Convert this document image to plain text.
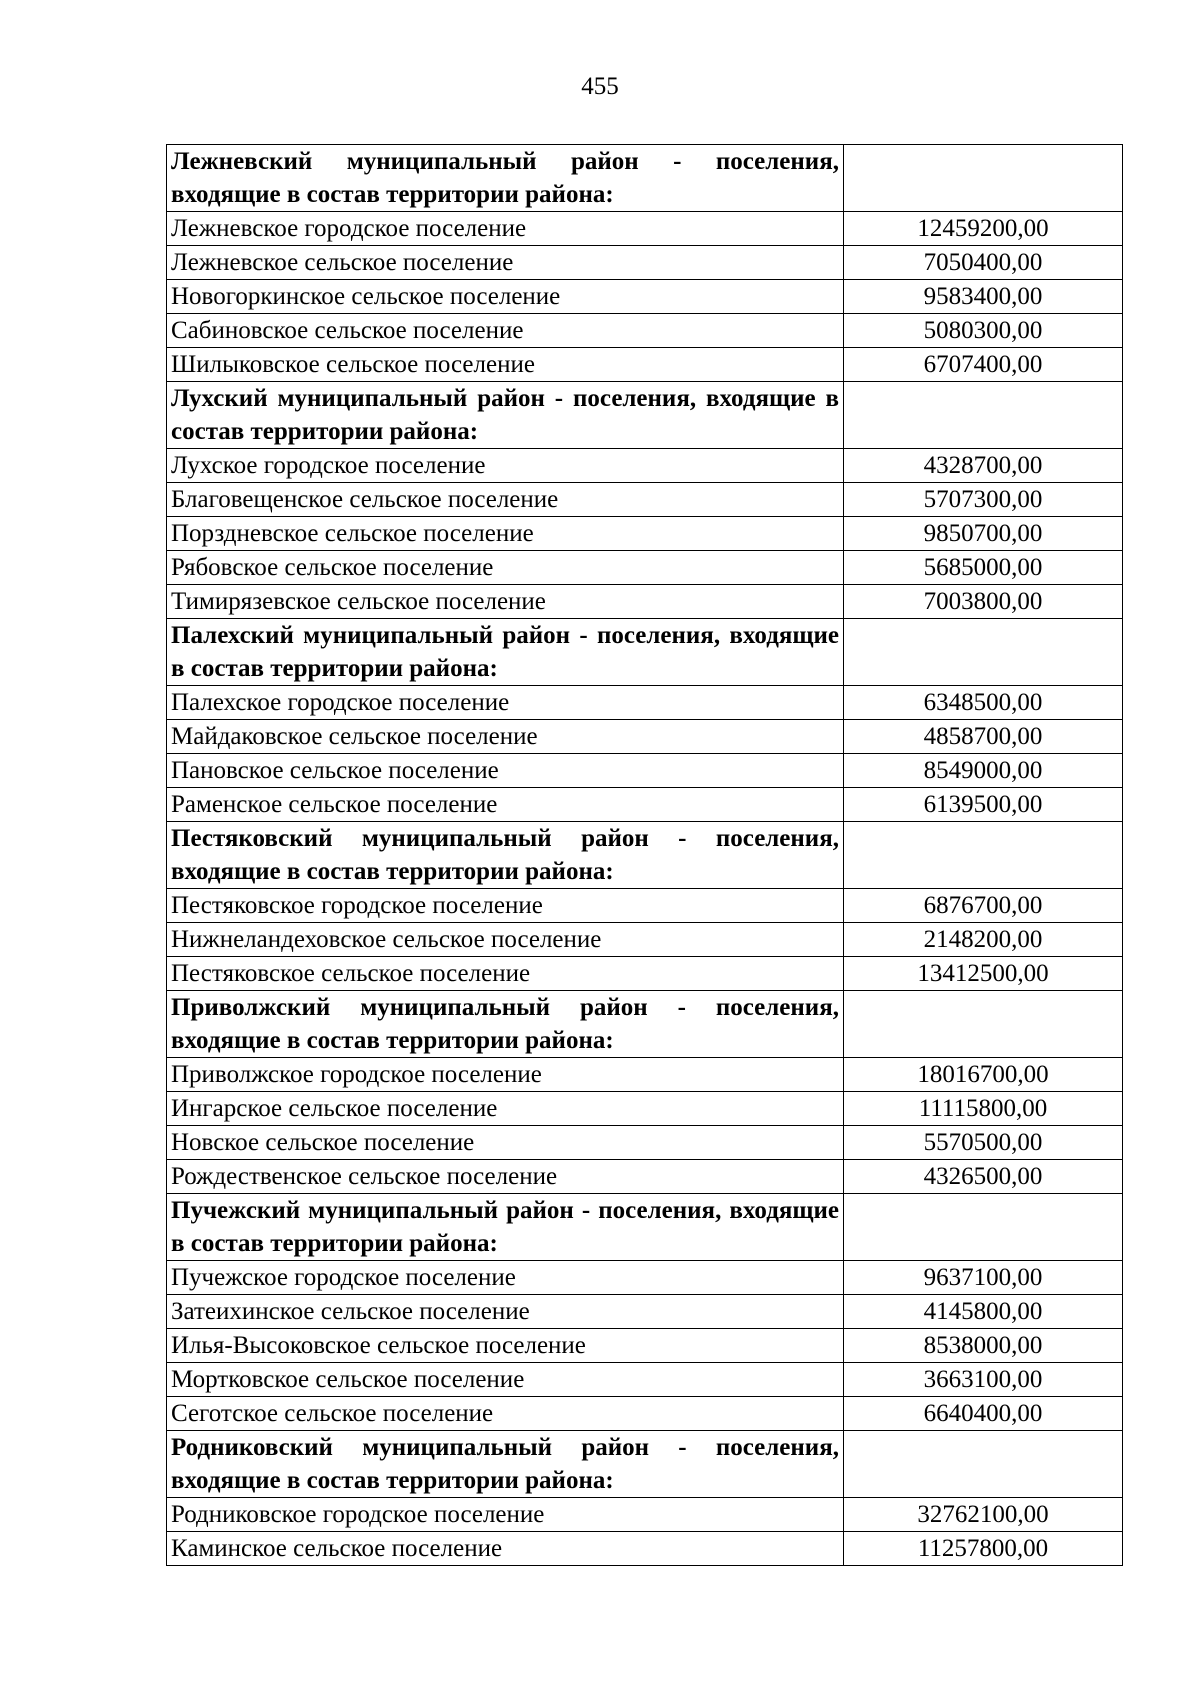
455
Лежневский муниципальный район - поселения, входящие в состав территории района:	
Лежневское городское поселение	12459200,00
Лежневское сельское поселение	7050400,00
Новогоркинское сельское поселение	9583400,00
Сабиновское сельское поселение	5080300,00
Шилыковское сельское поселение	6707400,00
Лухский муниципальный район - поселения, входящие в состав территории района:	
Лухское городское поселение	4328700,00
Благовещенское сельское поселение	5707300,00
Порздневское сельское поселение	9850700,00
Рябовское сельское поселение	5685000,00
Тимирязевское сельское поселение	7003800,00
Палехский муниципальный район - поселения, входящие в состав территории района:	
Палехское городское поселение	6348500,00
Майдаковское сельское поселение	4858700,00
Пановское сельское поселение	8549000,00
Раменское сельское поселение	6139500,00
Пестяковский муниципальный район - поселения, входящие в состав территории района:	
Пестяковское городское поселение	6876700,00
Нижнеландеховское сельское поселение	2148200,00
Пестяковское сельское поселение	13412500,00
Приволжский муниципальный район - поселения, входящие в состав территории района:	
Приволжское городское поселение	18016700,00
Ингарское сельское поселение	11115800,00
Новское сельское поселение	5570500,00
Рождественское сельское поселение	4326500,00
Пучежский муниципальный район - поселения, входящие в состав территории района:	
Пучежское городское поселение	9637100,00
Затеихинское сельское поселение	4145800,00
Илья-Высоковское сельское поселение	8538000,00
Мортковское сельское поселение	3663100,00
Сеготское сельское поселение	6640400,00
Родниковский муниципальный район - поселения, входящие в состав территории района:	
Родниковское городское поселение	32762100,00
Каминское сельское поселение	11257800,00
